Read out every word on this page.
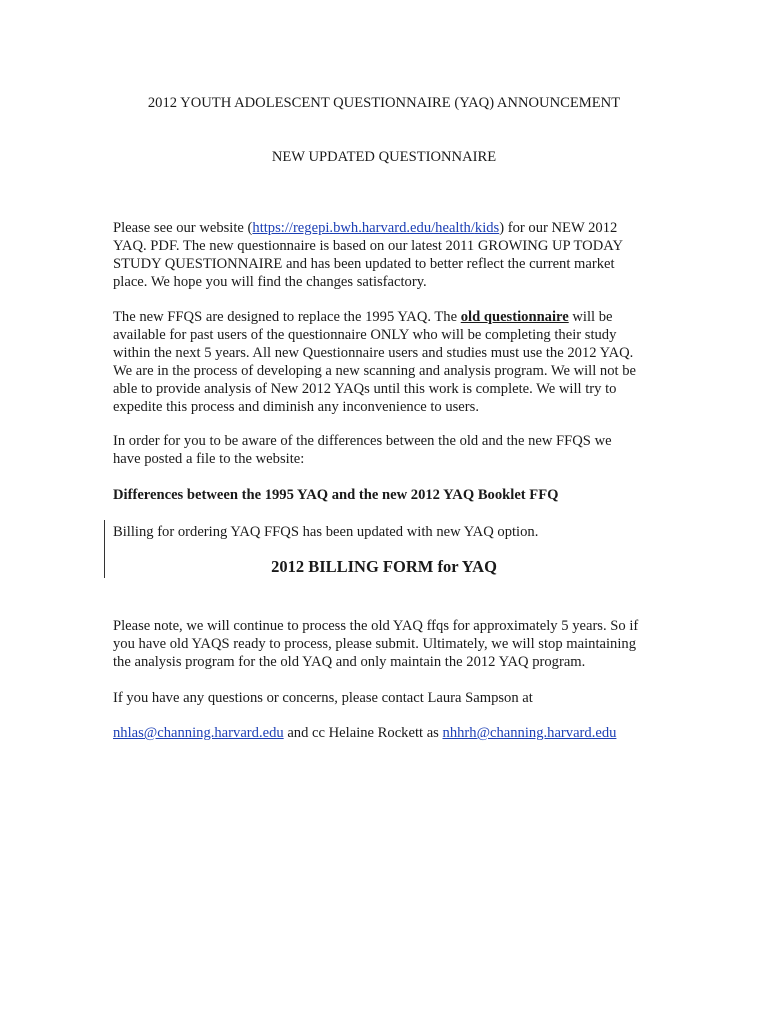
2012 YOUTH ADOLESCENT QUESTIONNAIRE (YAQ) ANNOUNCEMENT
NEW UPDATED QUESTIONNAIRE
Please see our website (https://regepi.bwh.harvard.edu/health/kids) for our NEW 2012
YAQ. PDF. The new questionnaire is based on our latest 2011 GROWING UP TODAY
STUDY QUESTIONNAIRE and has been updated to better reflect the current market
place. We hope you will find the changes satisfactory.
The new FFQS are designed to replace the 1995 YAQ. The old questionnaire will be
available for past users of the questionnaire ONLY who will be completing their study
within the next 5 years. All new Questionnaire users and studies must use the 2012 YAQ.
We are in the process of developing a new scanning and analysis program. We will not be
able to provide analysis of New 2012 YAQs until this work is complete. We will try to
expedite this process and diminish any inconvenience to users.
In order for you to be aware of the differences between the old and the new FFQS we
have posted a file to the website:
Differences between the 1995 YAQ and the new 2012 YAQ Booklet FFQ
Billing for ordering YAQ FFQS has been updated with new YAQ option.
2012 BILLING FORM for YAQ
Please note, we will continue to process the old YAQ ffqs for approximately 5 years. So if
you have old YAQS ready to process, please submit. Ultimately, we will stop maintaining
the analysis program for the old YAQ and only maintain the 2012 YAQ program.
If you have any questions or concerns, please contact Laura Sampson at
nhlas@channing.harvard.edu and cc Helaine Rockett as nhhrh@channing.harvard.edu
